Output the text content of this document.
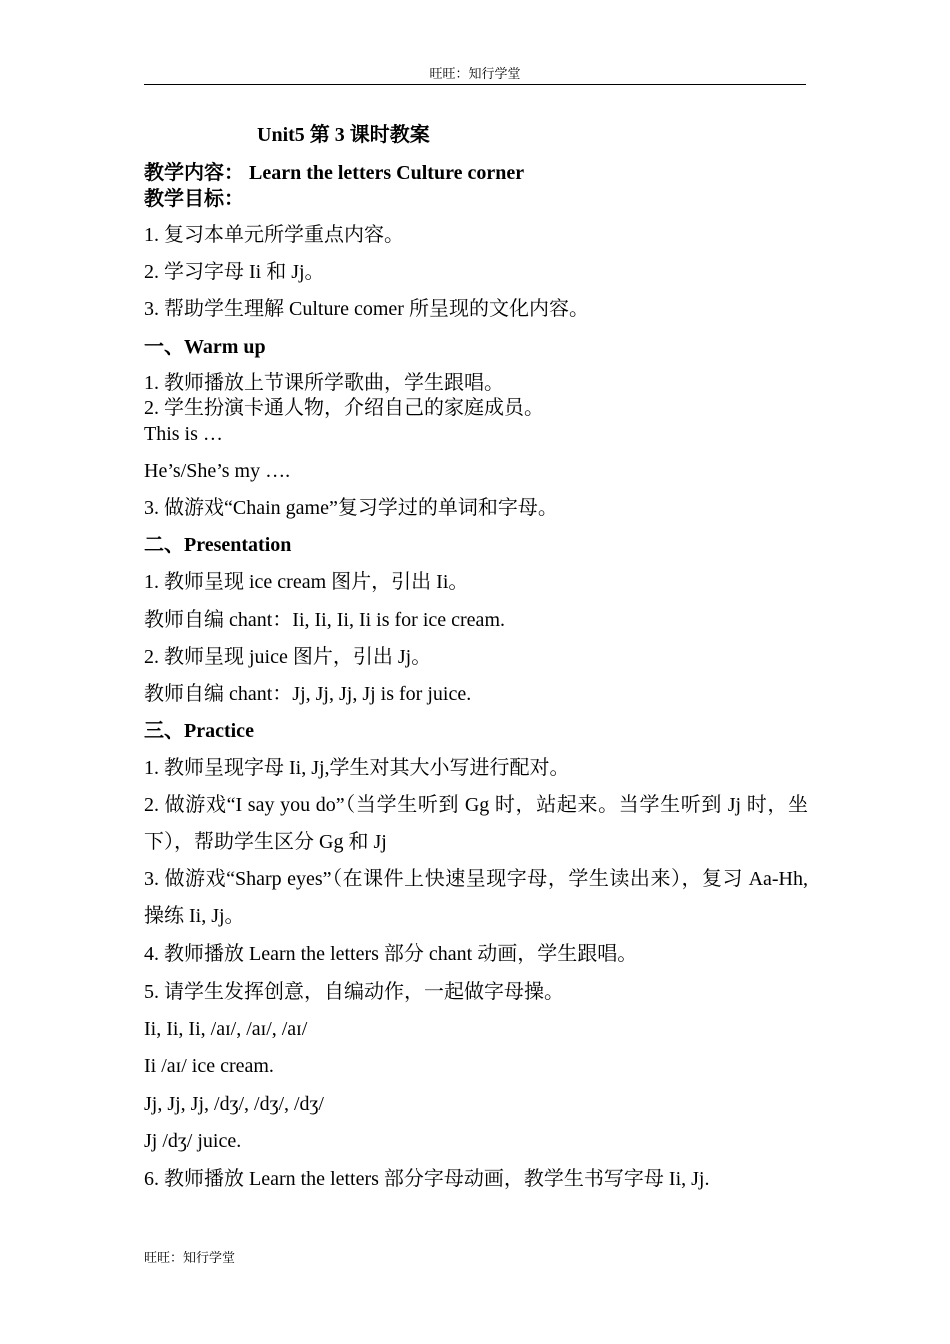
旺旺：知行学堂
Unit5 第 3 课时教案
教学内容： Learn the letters Culture corner
教学目标：
1. 复习本单元所学重点内容。
2. 学习字母 Ii 和 Jj。
3. 帮助学生理解 Culture comer 所呈现的文化内容。
一、Warm up
1. 教师播放上节课所学歌曲，学生跟唱。
2. 学生扮演卡通人物，介绍自己的家庭成员。
This is …
He’s/She’s my ….
3. 做游戏“Chain game”复习学过的单词和字母。
二、Presentation
1. 教师呈现 ice cream 图片，引出 Ii。
教师自编 chant：Ii, Ii, Ii, Ii is for ice cream.
2. 教师呈现 juice 图片，引出 Jj。
教师自编 chant：Jj, Jj, Jj, Jj is for juice.
三、Practice
1. 教师呈现字母 Ii, Jj,学生对其大小写进行配对。
2. 做游戏“I say you do”（当学生听到 Gg 时，站起来。当学生听到 Jj 时，坐下），帮助学生区分 Gg 和 Jj
3. 做游戏“Sharp eyes”（在课件上快速呈现字母，学生读出来），复习 Aa-Hh, 操练 Ii, Jj。
4. 教师播放 Learn the letters 部分 chant 动画，学生跟唱。
5. 请学生发挥创意，自编动作，一起做字母操。
Ii, Ii, Ii, /aɪ/, /aɪ/, /aɪ/
Ii /aɪ/ ice cream.
Jj, Jj, Jj, /dʒ/, /dʒ/, /dʒ/
Jj /dʒ/ juice.
6. 教师播放 Learn the letters 部分字母动画，教学生书写字母 Ii, Jj.
旺旺：知行学堂
